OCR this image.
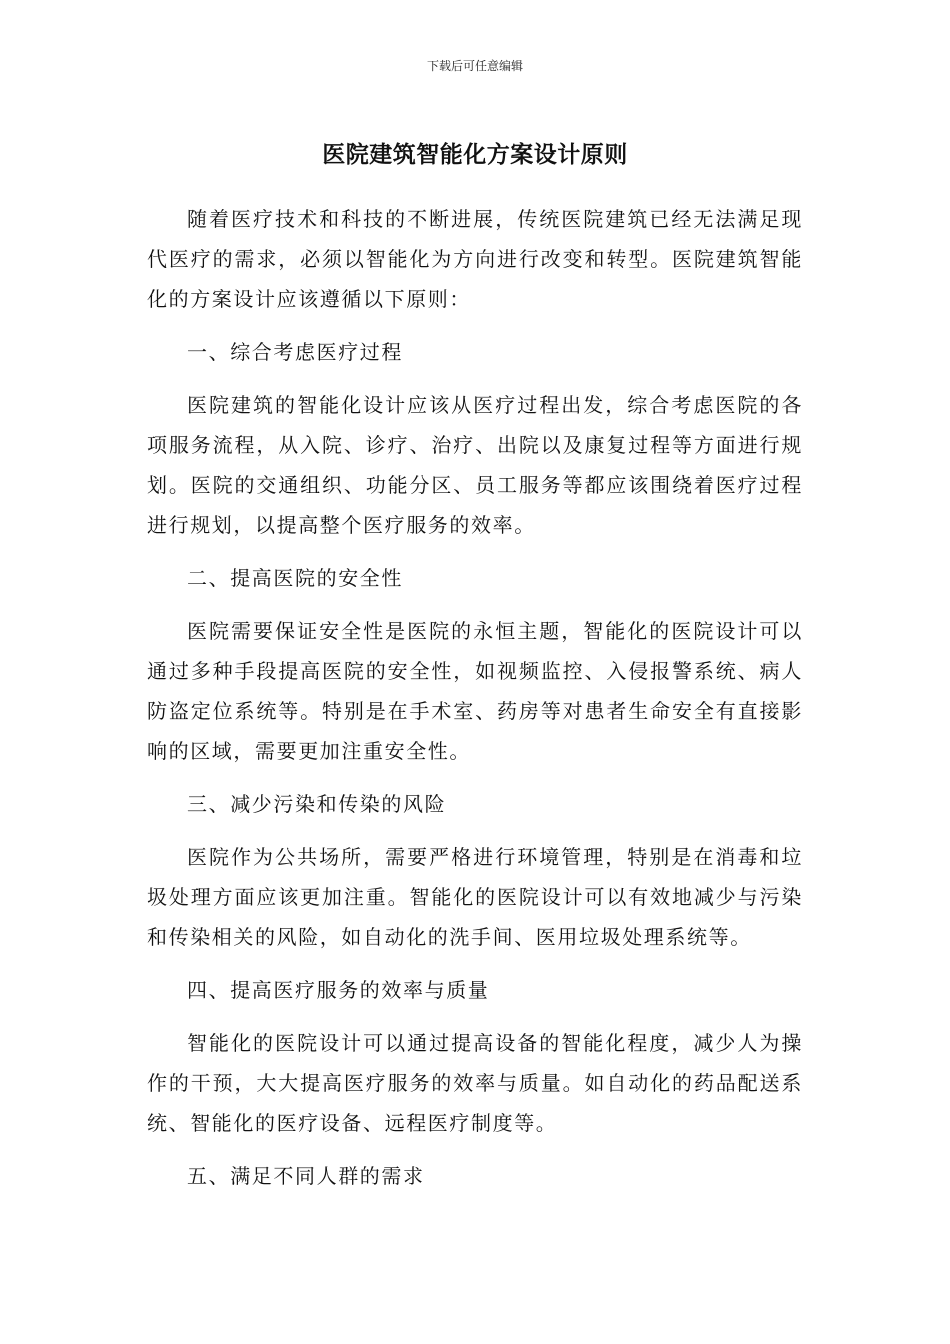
下载后可任意编辑

医院建筑智能化方案设计原则

随着医疗技术和科技的不断进展，传统医院建筑已经无法满足现代医疗的需求，必须以智能化为方向进行改变和转型。医院建筑智能化的方案设计应该遵循以下原则：

一、综合考虑医疗过程

医院建筑的智能化设计应该从医疗过程出发，综合考虑医院的各项服务流程，从入院、诊疗、治疗、出院以及康复过程等方面进行规划。医院的交通组织、功能分区、员工服务等都应该围绕着医疗过程进行规划，以提高整个医疗服务的效率。

二、提高医院的安全性

医院需要保证安全性是医院的永恒主题，智能化的医院设计可以通过多种手段提高医院的安全性，如视频监控、入侵报警系统、病人防盗定位系统等。特别是在手术室、药房等对患者生命安全有直接影响的区域，需要更加注重安全性。

三、减少污染和传染的风险

医院作为公共场所，需要严格进行环境管理，特别是在消毒和垃圾处理方面应该更加注重。智能化的医院设计可以有效地减少与污染和传染相关的风险，如自动化的洗手间、医用垃圾处理系统等。

四、提高医疗服务的效率与质量

智能化的医院设计可以通过提高设备的智能化程度，减少人为操作的干预，大大提高医疗服务的效率与质量。如自动化的药品配送系统、智能化的医疗设备、远程医疗制度等。

五、满足不同人群的需求
